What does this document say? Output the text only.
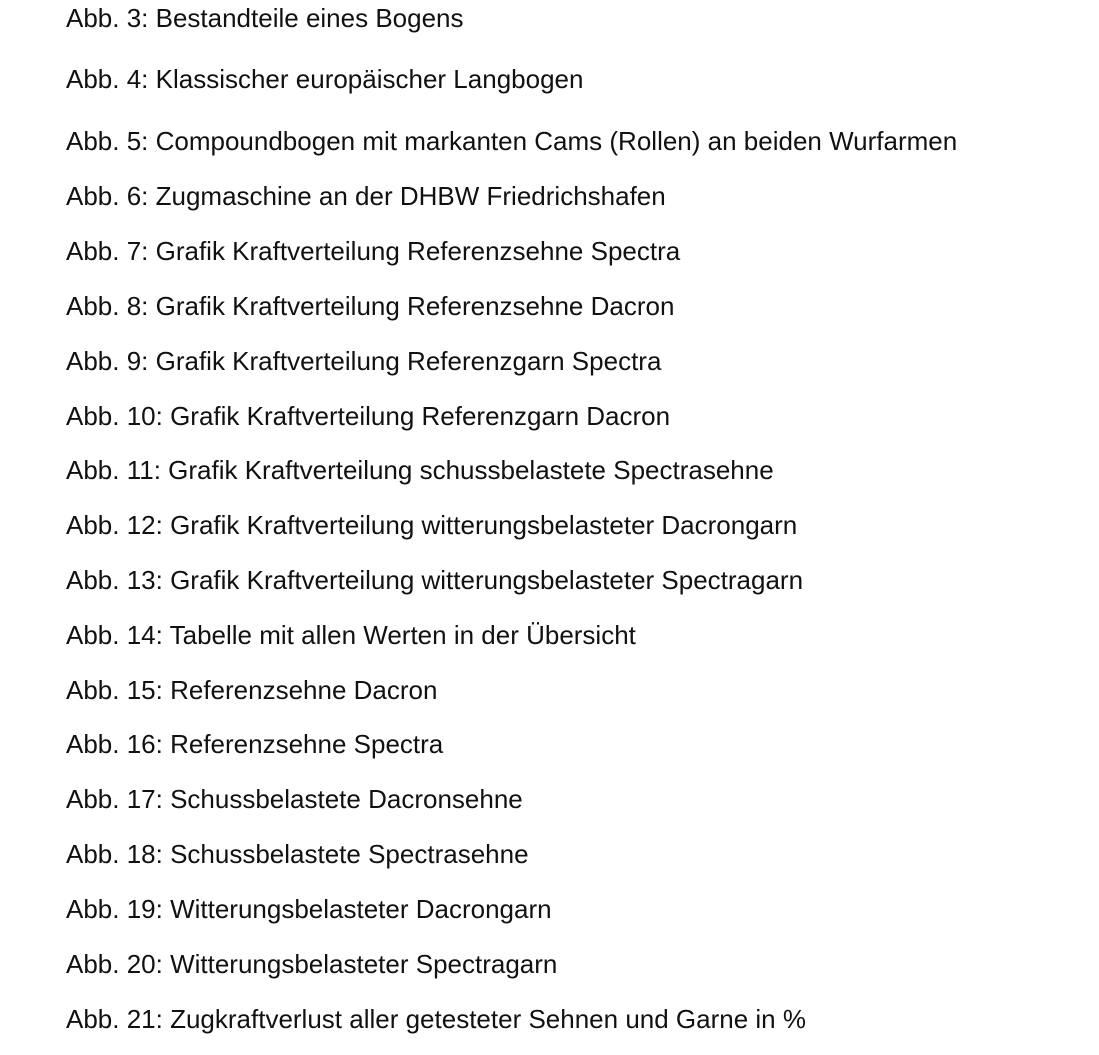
Abb. 3: Bestandteile eines Bogens
Abb. 4: Klassischer europäischer Langbogen
Abb. 5: Compoundbogen mit markanten Cams (Rollen) an beiden Wurfarmen
Abb. 6: Zugmaschine an der DHBW Friedrichshafen
Abb. 7: Grafik Kraftverteilung Referenzsehne Spectra
Abb. 8: Grafik Kraftverteilung Referenzsehne Dacron
Abb. 9: Grafik Kraftverteilung Referenzgarn Spectra
Abb. 10: Grafik Kraftverteilung Referenzgarn Dacron
Abb. 11: Grafik Kraftverteilung schussbelastete Spectrasehne
Abb. 12: Grafik Kraftverteilung witterungsbelasteter Dacrongarn
Abb. 13: Grafik Kraftverteilung witterungsbelasteter Spectragarn
Abb. 14: Tabelle mit allen Werten in der Übersicht
Abb. 15: Referenzsehne Dacron
Abb. 16: Referenzsehne Spectra
Abb. 17: Schussbelastete Dacronsehne
Abb. 18: Schussbelastete Spectrasehne
Abb. 19: Witterungsbelasteter Dacrongarn
Abb. 20: Witterungsbelasteter Spectragarn
Abb. 21: Zugkraftverlust aller getesteter Sehnen und Garne in %
